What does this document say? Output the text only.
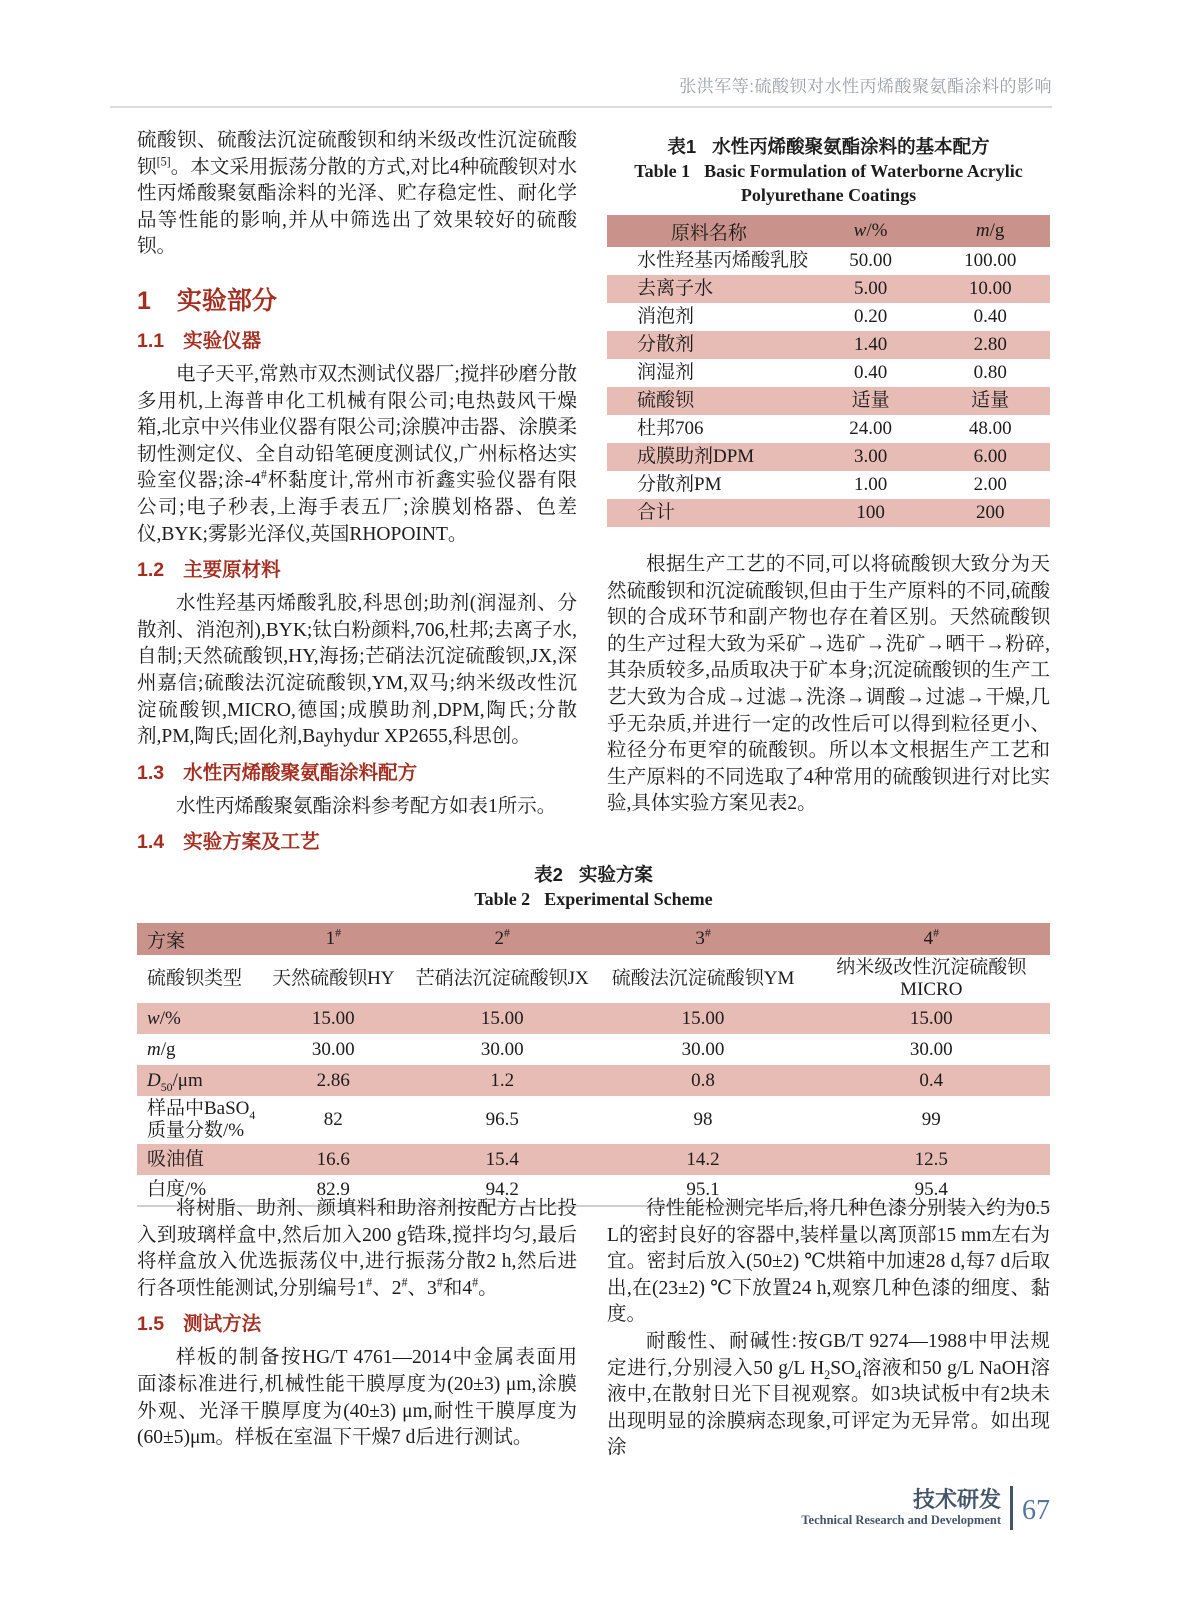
张洪军等:硫酸钡对水性丙烯酸聚氨酯涂料的影响

硫酸钡、硫酸法沉淀硫酸钡和纳米级改性沉淀硫酸钡[5]。本文采用振荡分散的方式,对比4种硫酸钡对水性丙烯酸聚氨酯涂料的光泽、贮存稳定性、耐化学品等性能的影响,并从中筛选出了效果较好的硫酸钡。

1 实验部分
1.1 实验仪器

电子天平,常熟市双杰测试仪器厂;搅拌砂磨分散多用机,上海普申化工机械有限公司;电热鼓风干燥箱,北京中兴伟业仪器有限公司;涂膜冲击器、涂膜柔韧性测定仪、全自动铅笔硬度测试仪,广州标格达实验室仪器;涂-4#杯黏度计,常州市祈鑫实验仪器有限公司;电子秒表,上海手表五厂;涂膜划格器、色差仪,BYK;雾影光泽仪,英国RHOPOINT。

1.2 主要原材料

水性羟基丙烯酸乳胶,科思创;助剂(润湿剂、分散剂、消泡剂),BYK;钛白粉颜料,706,杜邦;去离子水,自制;天然硫酸钡,HY,海扬;芒硝法沉淀硫酸钡,JX,深州嘉信;硫酸法沉淀硫酸钡,YM,双马;纳米级改性沉淀硫酸钡,MICRO,德国;成膜助剂,DPM,陶氏;分散剂,PM,陶氏;固化剂,Bayhydur XP2655,科思创。

1.3 水性丙烯酸聚氨酯涂料配方

水性丙烯酸聚氨酯涂料参考配方如表1所示。

1.4 实验方案及工艺
表1 水性丙烯酸聚氨酯涂料的基本配方
Table 1 Basic Formulation of Waterborne Acrylic
Polyurethane Coatings
原料名称	w/%	m/g
水性羟基丙烯酸乳胶	50.00	100.00
去离子水	5.00	10.00
消泡剂	0.20	0.40
分散剂	1.40	2.80
润湿剂	0.40	0.80
硫酸钡	适量	适量
杜邦706	24.00	48.00
成膜助剂DPM	3.00	6.00
分散剂PM	1.00	2.00
合计	100	200

根据生产工艺的不同,可以将硫酸钡大致分为天然硫酸钡和沉淀硫酸钡,但由于生产原料的不同,硫酸钡的合成环节和副产物也存在着区别。天然硫酸钡的生产过程大致为采矿→选矿→洗矿→晒干→粉碎,其杂质较多,品质取决于矿本身;沉淀硫酸钡的生产工艺大致为合成→过滤→洗涤→调酸→过滤→干燥,几乎无杂质,并进行一定的改性后可以得到粒径更小、粒径分布更窄的硫酸钡。所以本文根据生产工艺和生产原料的不同选取了4种常用的硫酸钡进行对比实验,具体实验方案见表2。

表2 实验方案
Table 2 Experimental Scheme
方案	1#	2#	3#	4#
硫酸钡类型	天然硫酸钡HY	芒硝法沉淀硫酸钡JX	硫酸法沉淀硫酸钡YM	纳米级改性沉淀硫酸钡MICRO
w/%	15.00	15.00	15.00	15.00
m/g	30.00	30.00	30.00	30.00
$D_{50}/\mu m$	2.86	1.2	0.8	0.4
样品中BaSO$_4$
质量分数/%	82	96.5	98	99
吸油值	16.6	15.4	14.2	12.5
白度/%	82.9	94.2	95.1	95.4

将树脂、助剂、颜填料和助溶剂按配方占比投入到玻璃样盒中,然后加入200 g锆珠,搅拌均匀,最后将样盒放入优选振荡仪中,进行振荡分散2 h,然后进行各项性能测试,分别编号1#、2#、3#和4#。

1.5 测试方法

样板的制备按HG/T 4761—2014中金属表面用面漆标准进行,机械性能干膜厚度为(20±3) μm,涂膜外观、光泽干膜厚度为(40±3) μm,耐性干膜厚度为(60±5)μm。样板在室温下干燥7 d后进行测试。

待性能检测完毕后,将几种色漆分别装入约为0.5 L的密封良好的容器中,装样量以离顶部15 mm左右为宜。密封后放入(50±2) ℃烘箱中加速28 d,每7 d后取出,在(23±2) ℃下放置24 h,观察几种色漆的细度、黏度。

耐酸性、耐碱性:按GB/T 9274—1988中甲法规定进行,分别浸入50 g/L $H_2SO_4$溶液和50 g/L NaOH溶液中,在散射日光下目视观察。如3块试板中有2块未出现明显的涂膜病态现象,可评定为无异常。如出现涂

技术研发
Technical Research and Development 67
